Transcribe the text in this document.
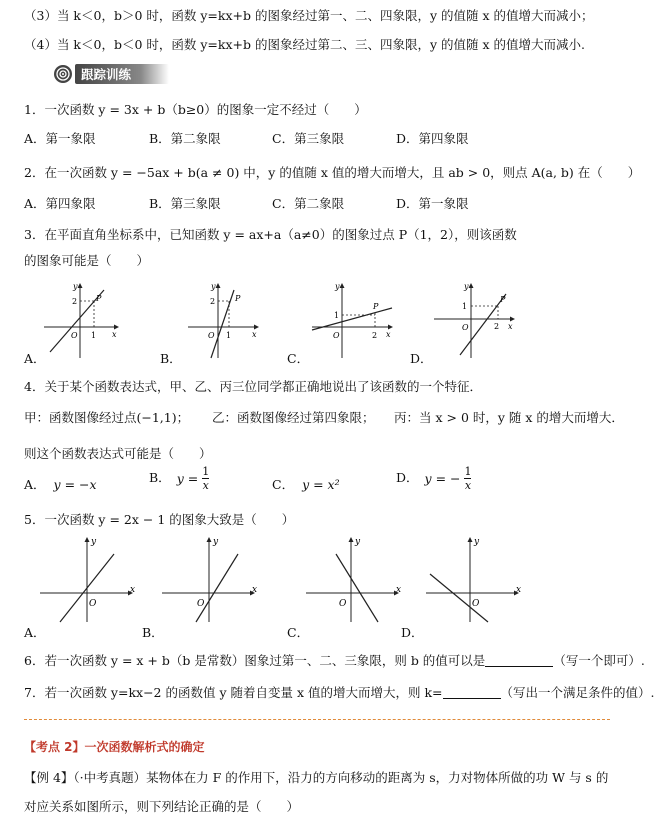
（3）当 k＜0，b＞0 时，函数 y=kx+b 的图象经过第一、二、四象限，y 的值随 x 的值增大而减小；
（4）当 k＜0，b＜0 时，函数 y=kx+b 的图象经过第二、三、四象限，y 的值随 x 的值增大而减小.
跟踪训练
1．一次函数 y = 3x + b（b≥0）的图象一定不经过（　　）
A．第一象限	B．第二象限	C．第三象限	D．第四象限
2．在一次函数 y = −5ax + b(a ≠ 0) 中，y 的值随 x 值的增大而增大，且 ab > 0，则点 A(a, b) 在（　　）
A．第四象限	B．第三象限	C．第二象限	D．第一象限
3．在平面直角坐标系中，已知函数 y = ax+a（a≠0）的图象过点 P（1，2），则该函数
的图象可能是（　　）
y
x
O
2
1
P
y
x
O
2
1
P
y
x
O
1
2
P
y
x
O
1
2
P
A．	B．	C．	D．
4．关于某个函数表达式，甲、乙、丙三位同学都正确地说出了该函数的一个特征．
甲：函数图像经过点(−1,1)； 乙：函数图像经过第四象限； 丙：当 x > 0 时，y 随 x 的增大而增大．
则这个函数表达式可能是（　　）
A． y = −x	B． $y = \frac{1}{x}$	C． y = x²	D． y = − $\frac{1}{x}$
5．一次函数 y = 2x − 1 的图象大致是（　　）
y
x
O
y
x
O
y
x
O
y
x
O
A．	B．	C．	D．
6．若一次函数 y = x + b（b 是常数）图象过第一、二、三象限，则 b 的值可以是	（写一个即可）.
7．若一次函数 y=kx−2 的函数值 y 随着自变量 x 值的增大而增大，则 k=	（写出一个满足条件的值）.
【考点 2】一次函数解析式的确定
【例 4】（·中考真题）某物体在力 F 的作用下，沿力的方向移动的距离为 s，力对物体所做的功 W 与 s 的
对应关系如图所示，则下列结论正确的是（　　）
